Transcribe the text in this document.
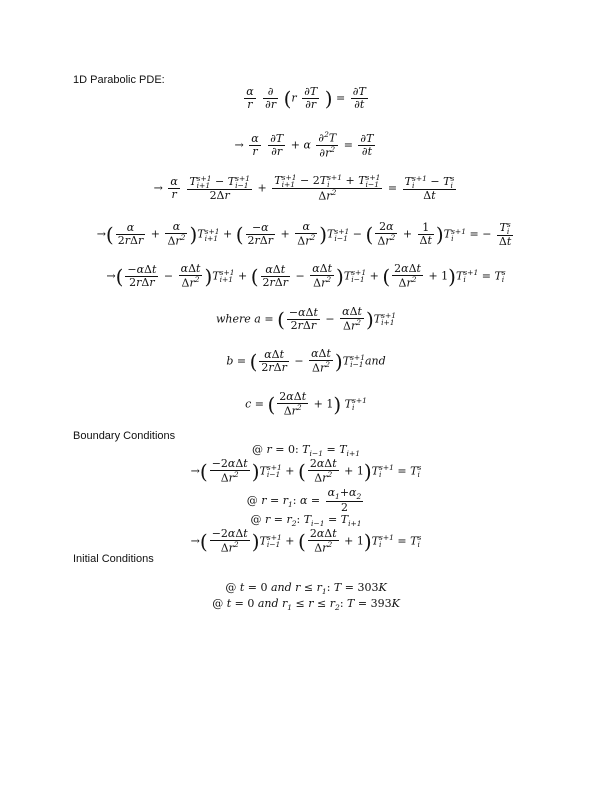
1D Parabolic PDE:
$\frac{\alpha}{r}$
$\frac{\partial}{\partial r} (r \frac{\partial T}{\partial r}$ ) = $\frac{\partial T}{\partial t}$
→ $\frac{\alpha}{r}$
$\frac{\partial T}{\partial r} + \alpha \frac{\partial^2T}{\partial r^2} = \frac{\partial T}{\partial t}$
→ $\frac{\alpha}{r}$
T s+1
i+1 − T s+1
i−1
2Δr + T s+1
i+1 − 2T s+1
i	+ T s+1
i−1
$\Delta r^2 = T$ s+1
i	− T s
i
Δt
→( $\frac{\alpha}{\text{2rΔr}} + \frac{\alpha}{\Delta r^2} )T$ s+1
i+1 + ( $\frac{-\alpha}{\text{2rΔr}} + \frac{\alpha}{\Delta r^2} )T$ s+1
i−1 − ( $\frac{2\alpha}{\Delta r^2} + \frac{1}{\Delta t} )T$ s+1
i	= − T s
i
Δt
→( $\frac{\text{−αΔt}}{\text{2rΔr}} - \frac{\text{αΔt}}{\Delta r^2} )T$ s+1
i+1 + ( $\frac{\text{αΔt}}{\text{2rΔr}} - \frac{\text{αΔt}}{\Delta r^2} )T$ s+1
i−1 + ( $\frac{\text{2αΔt}}{\Delta r^2} + 1)T$ s+1
i	= T s
i
where a = ( $\frac{\text{−αΔt}}{\text{2rΔr}} - \frac{\text{αΔt}}{\Delta r^2} )T$ s+1
i+1
b = ( $\frac{\text{αΔt}}{\text{2rΔr}} - \frac{\text{αΔt}}{\Delta r^2} )T$ s+1
i−1 and
c = ( $\frac{\text{2αΔt}}{\Delta r^2} + 1$) T s+1
i
Boundary Conditions
@ r = 0: $T_{i-1} = T_{i+1}$
→( $\frac{\text{−2αΔt}}{\Delta r^2} )T$ s+1
i−1 + ( $\frac{\text{2αΔt}}{\Delta r^2} + 1)T$ s+1
i	= T s
i
@ $r = r_1$: $\alpha = \frac{\alpha_1+\alpha_2}{2}$
@ $r = r_2$: $T_{i-1} = T_{i+1}$
→( $\frac{\text{−2αΔt}}{\Delta r^2} )T$ s+1
i−1 + ( $\frac{\text{2αΔt}}{\Delta r^2} + 1)T$ s+1
i	= T s
i
Initial Conditions
@ t = 0 and $r \le r_1$: T = 303K
@ t = 0 and $r_1 \le r \le r_2$: T = 393K
